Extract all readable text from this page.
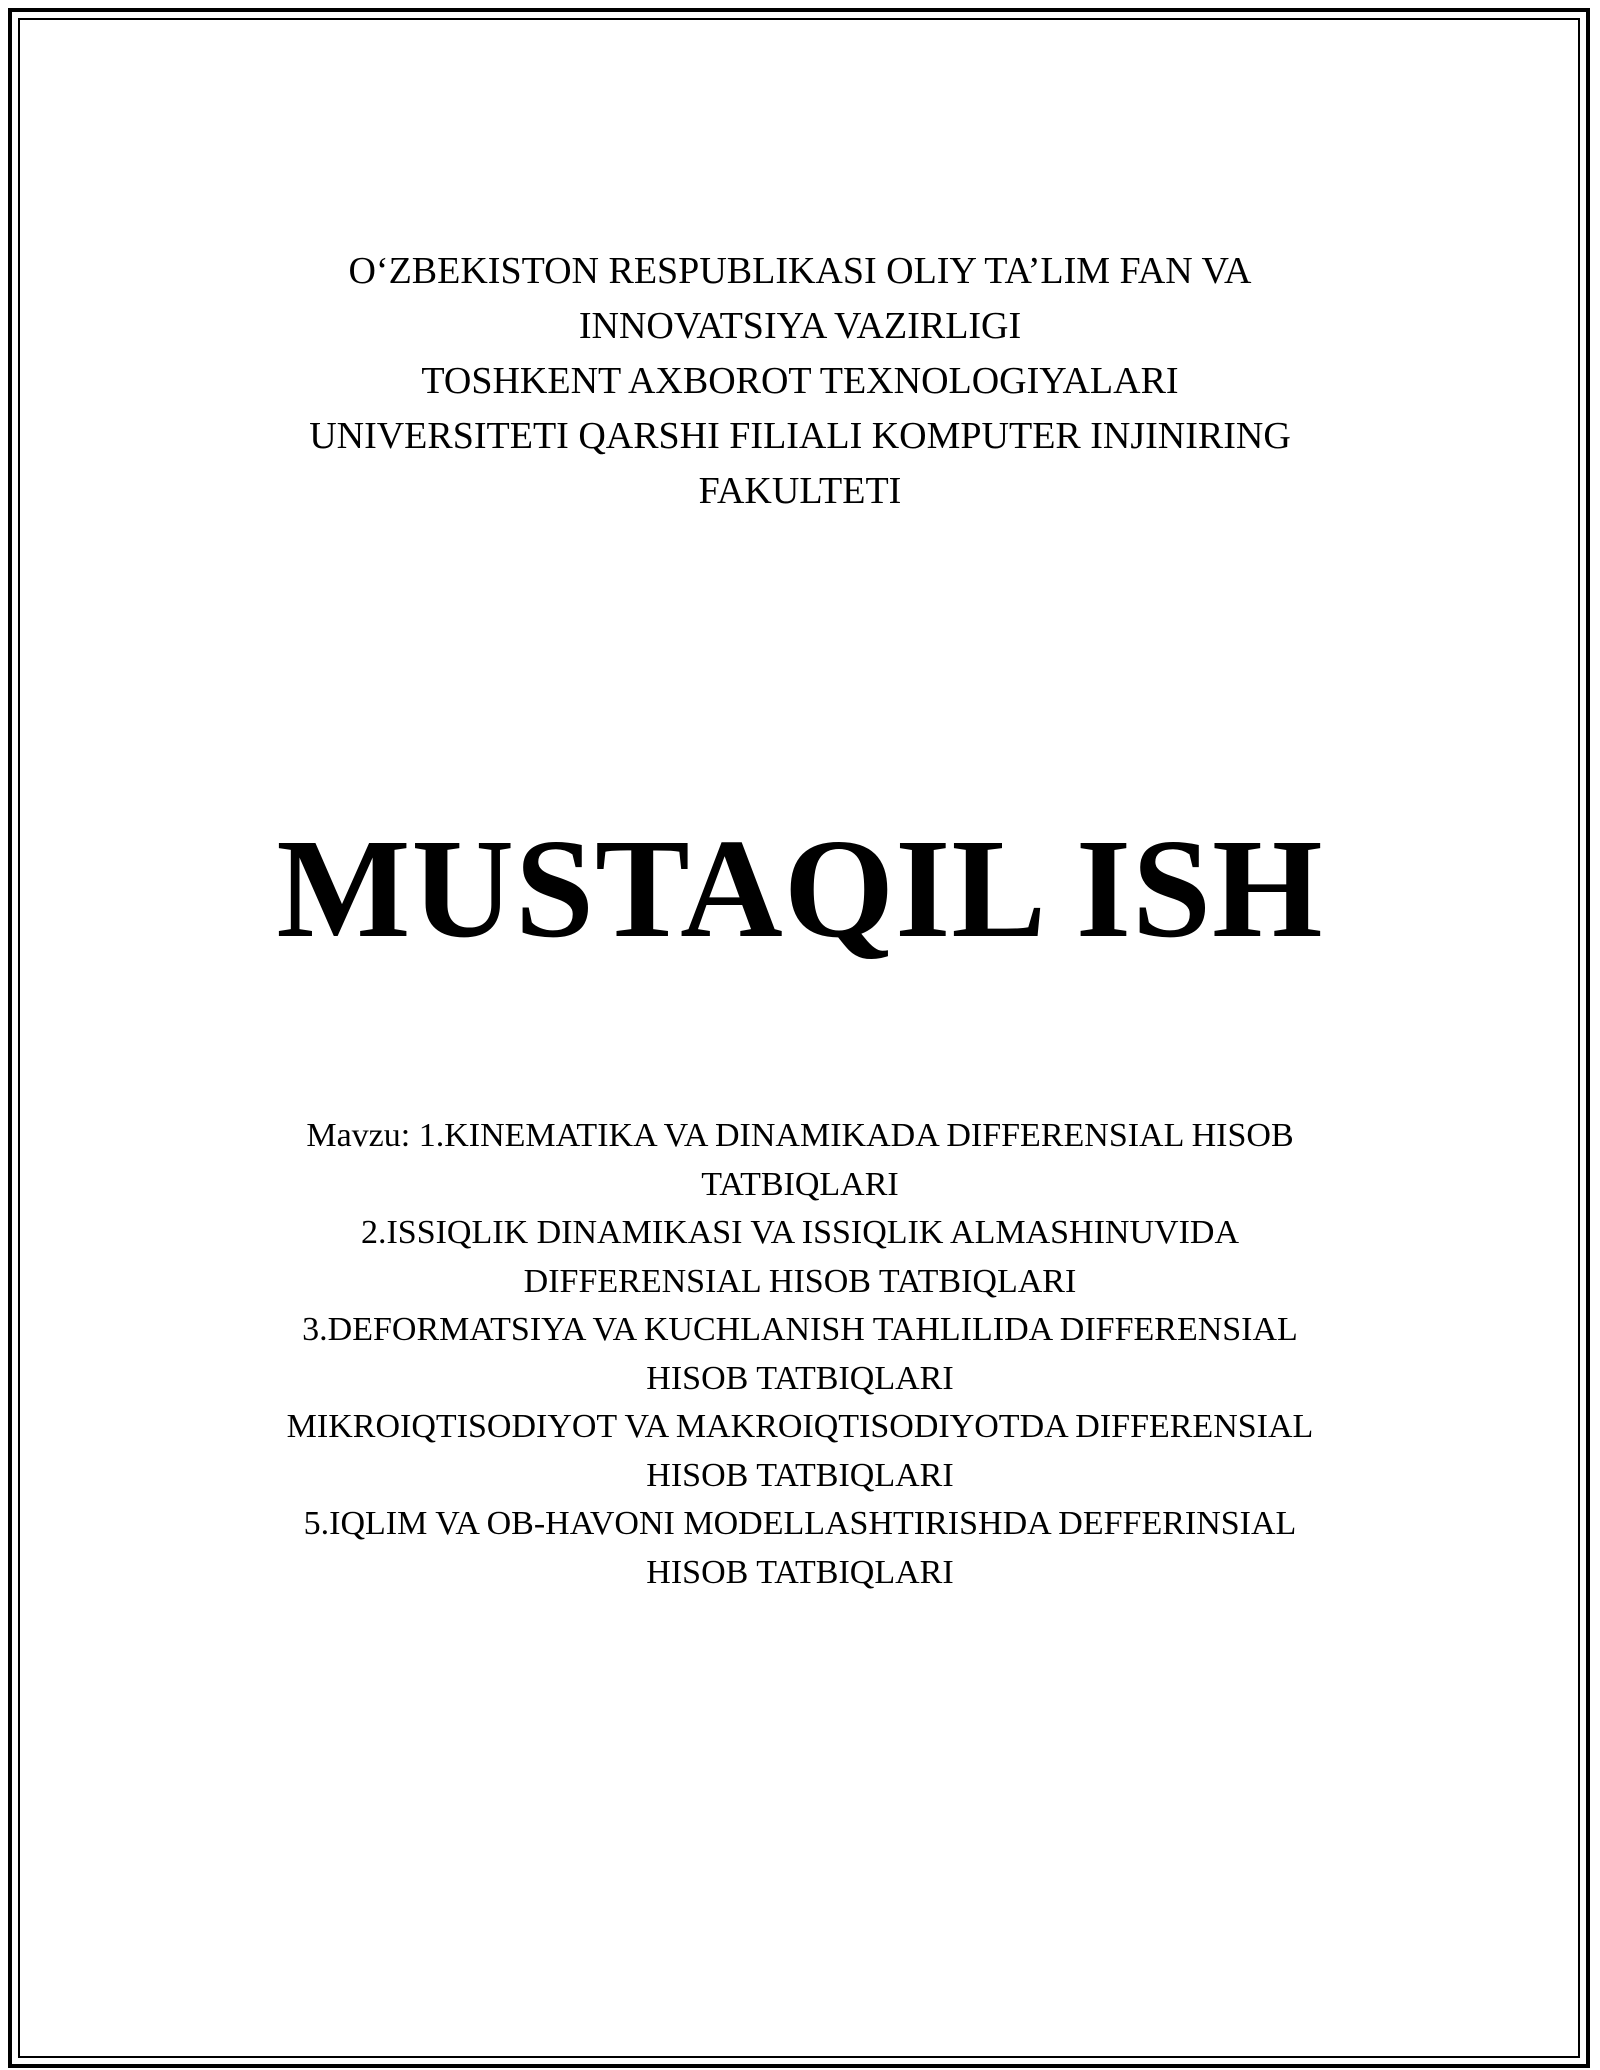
O‘ZBEKISTON RESPUBLIKASI OLIY TA’LIM FAN VA
INNOVATSIYA VAZIRLIGI
TOSHKENT AXBOROT TEXNOLOGIYALARI
UNIVERSITETI QARSHI FILIALI KOMPUTER INJINIRING
FAKULTETI
MUSTAQIL ISH
Mavzu: 1.KINEMATIKA VA DINAMIKADA DIFFERENSIAL HISOB
TATBIQLARI
2.ISSIQLIK DINAMIKASI VA ISSIQLIK ALMASHINUVIDA
DIFFERENSIAL HISOB TATBIQLARI
3.DEFORMATSIYA VA KUCHLANISH TAHLILIDA DIFFERENSIAL
HISOB TATBIQLARI
MIKROIQTISODIYOT VA MAKROIQTISODIYOTDA DIFFERENSIAL
HISOB TATBIQLARI
5.IQLIM VA OB-HAVONI MODELLASHTIRISHDA DEFFERINSIAL
HISOB TATBIQLARI
